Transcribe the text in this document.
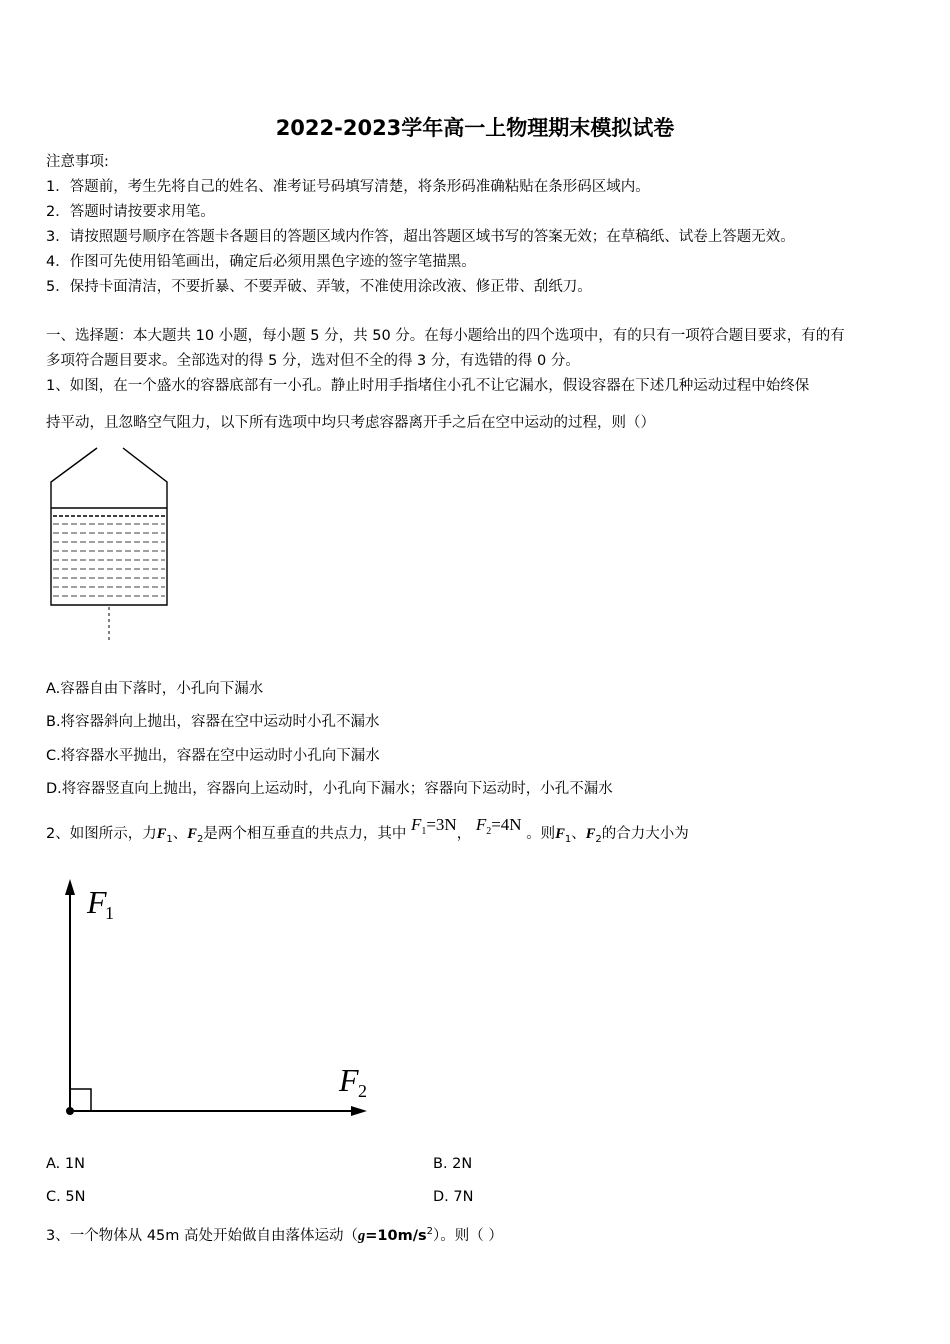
2022-2023学年高一上物理期末模拟试卷
注意事项:
1．答题前，考生先将自己的姓名、准考证号码填写清楚，将条形码准确粘贴在条形码区域内。
2．答题时请按要求用笔。
3．请按照题号顺序在答题卡各题目的答题区域内作答，超出答题区域书写的答案无效；在草稿纸、试卷上答题无效。
4．作图可先使用铅笔画出，确定后必须用黑色字迹的签字笔描黑。
5．保持卡面清洁，不要折暴、不要弄破、弄皱，不准使用涂改液、修正带、刮纸刀。
一、选择题：本大题共 10 小题，每小题 5 分，共 50 分。在每小题给出的四个选项中，有的只有一项符合题目要求，有的有
多项符合题目要求。全部选对的得 5 分，选对但不全的得 3 分，有选错的得 0 分。
1、如图，在一个盛水的容器底部有一小孔。静止时用手指堵住小孔不让它漏水，假设容器在下述几种运动过程中始终保
持平动，且忽略空气阻力，以下所有选项中均只考虑容器离开手之后在空中运动的过程，则（）
A.容器自由下落时，小孔向下漏水
B.将容器斜向上抛出，容器在空中运动时小孔不漏水
C.将容器水平抛出，容器在空中运动时小孔向下漏水
D.将容器竖直向上抛出，容器向上运动时，小孔向下漏水；容器向下运动时，小孔不漏水
2、如图所示，力$F_1$、$F_2$是两个相互垂直的共点力，其中 $F_1=3N$， $F_2=4N$ 。则$F_1$、$F_2$的合力大小为
F
1
F 2
A. 1N	B. 2N
C. 5N	D. 7N
3、一个物体从 45m 高处开始做自由落体运动$(g=10m/s^2)$。则（ ）
